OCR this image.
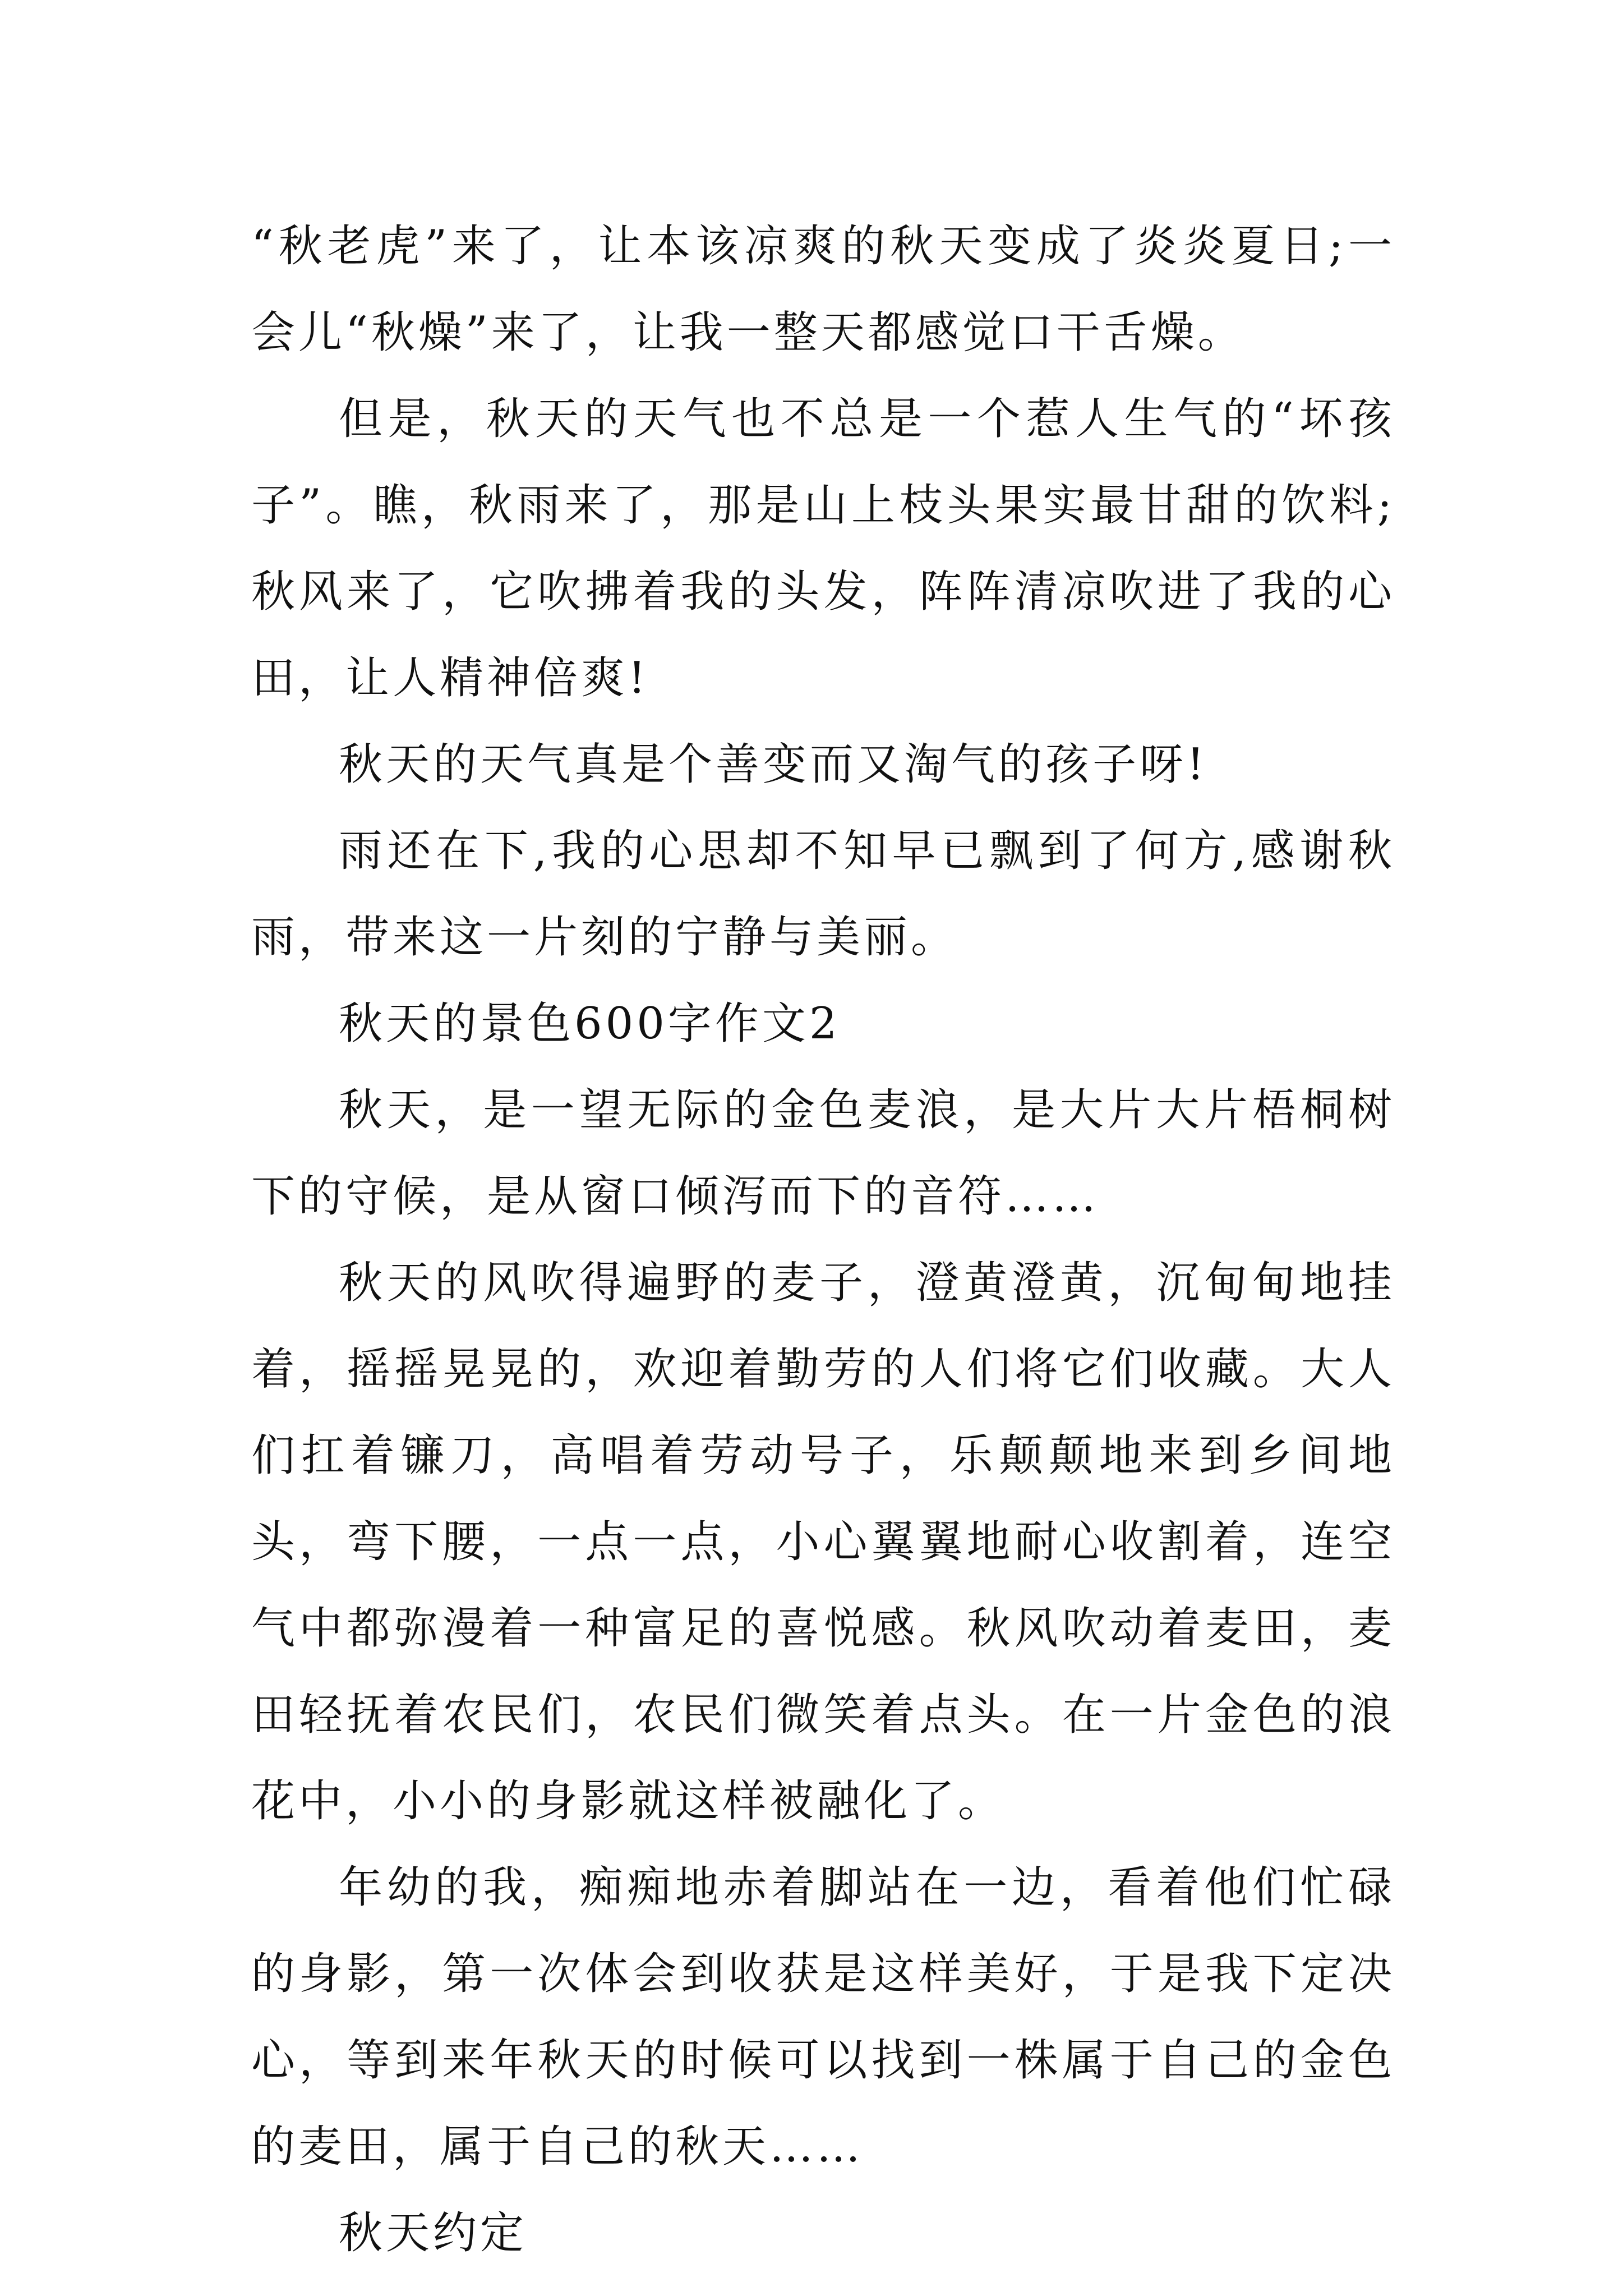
“秋老虎”来了，让本该凉爽的秋天变成了炎炎夏日;一会儿“秋燥”来了，让我一整天都感觉口干舌燥。

但是，秋天的天气也不总是一个惹人生气的“坏孩子”。瞧，秋雨来了，那是山上枝头果实最甘甜的饮料;秋风来了，它吹拂着我的头发，阵阵清凉吹进了我的心田，让人精神倍爽!

秋天的天气真是个善变而又淘气的孩子呀!

雨还在下,我的心思却不知早已飘到了何方,感谢秋雨，带来这一片刻的宁静与美丽。

秋天的景色600字作文2

秋天，是一望无际的金色麦浪，是大片大片梧桐树下的守候，是从窗口倾泻而下的音符……

秋天的风吹得遍野的麦子，澄黄澄黄，沉甸甸地挂着，摇摇晃晃的，欢迎着勤劳的人们将它们收藏。大人们扛着镰刀，高唱着劳动号子，乐颠颠地来到乡间地头，弯下腰，一点一点，小心翼翼地耐心收割着，连空气中都弥漫着一种富足的喜悦感。秋风吹动着麦田，麦田轻抚着农民们，农民们微笑着点头。在一片金色的浪花中，小小的身影就这样被融化了。

年幼的我，痴痴地赤着脚站在一边，看着他们忙碌的身影，第一次体会到收获是这样美好，于是我下定决心，等到来年秋天的时候可以找到一株属于自己的金色的麦田，属于自己的秋天……

秋天约定
